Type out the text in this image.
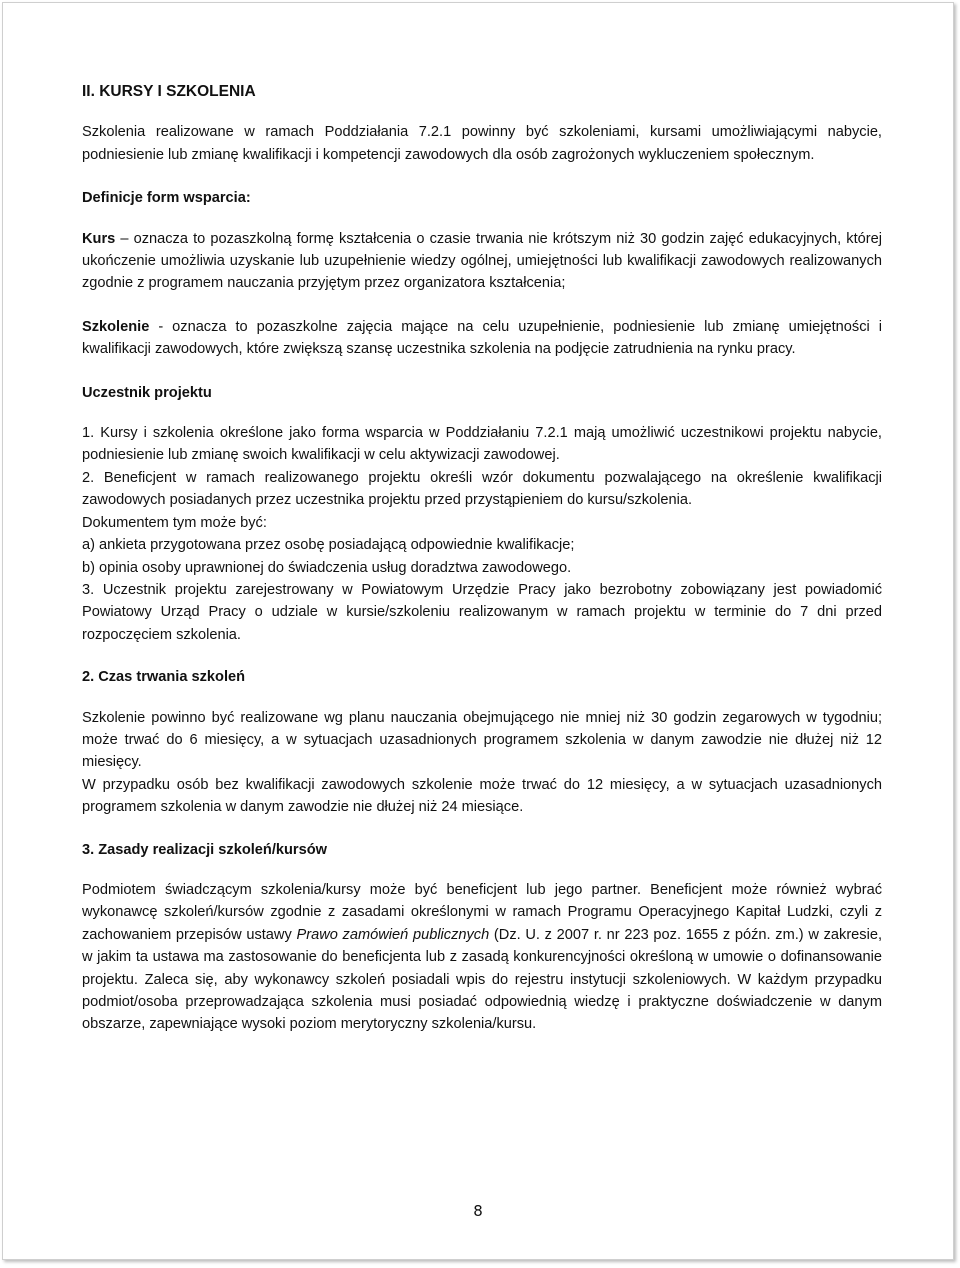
II. KURSY I SZKOLENIA

Szkolenia realizowane w ramach Poddziałania 7.2.1 powinny być szkoleniami, kursami umożliwiającymi nabycie, podniesienie lub zmianę kwalifikacji i kompetencji zawodowych dla osób zagrożonych wykluczeniem społecznym.

Definicje form wsparcia:

Kurs – oznacza to pozaszkolną formę kształcenia o czasie trwania nie krótszym niż 30 godzin zajęć edukacyjnych, której ukończenie umożliwia uzyskanie lub uzupełnienie wiedzy ogólnej, umiejętności lub kwalifikacji zawodowych realizowanych zgodnie z programem nauczania przyjętym przez organizatora kształcenia;

Szkolenie - oznacza to pozaszkolne zajęcia mające na celu uzupełnienie, podniesienie lub zmianę umiejętności i kwalifikacji zawodowych, które zwiększą szansę uczestnika szkolenia na podjęcie zatrudnienia na rynku pracy.

Uczestnik projektu

1. Kursy i szkolenia określone jako forma wsparcia w Poddziałaniu 7.2.1 mają umożliwić uczestnikowi projektu nabycie, podniesienie lub zmianę swoich kwalifikacji w celu aktywizacji zawodowej.

2. Beneficjent w ramach realizowanego projektu określi wzór dokumentu pozwalającego na określenie kwalifikacji zawodowych posiadanych przez uczestnika projektu przed przystąpieniem do kursu/szkolenia.

Dokumentem tym może być:

a) ankieta przygotowana przez osobę posiadającą odpowiednie kwalifikacje;

b) opinia osoby uprawnionej do świadczenia usług doradztwa zawodowego.

3. Uczestnik projektu zarejestrowany w Powiatowym Urzędzie Pracy jako bezrobotny zobowiązany jest powiadomić Powiatowy Urząd Pracy o udziale w kursie/szkoleniu realizowanym w ramach projektu w terminie do 7 dni przed rozpoczęciem szkolenia.

2. Czas trwania szkoleń

Szkolenie powinno być realizowane wg planu nauczania obejmującego nie mniej niż 30 godzin zegarowych w tygodniu; może trwać do 6 miesięcy, a w sytuacjach uzasadnionych programem szkolenia w danym zawodzie nie dłużej niż 12 miesięcy.

W przypadku osób bez kwalifikacji zawodowych szkolenie może trwać do 12 miesięcy, a w sytuacjach uzasadnionych programem szkolenia w danym zawodzie nie dłużej niż 24 miesiące.

3. Zasady realizacji szkoleń/kursów

Podmiotem świadczącym szkolenia/kursy może być beneficjent lub jego partner. Beneficjent może również wybrać wykonawcę szkoleń/kursów zgodnie z zasadami określonymi w ramach Programu Operacyjnego Kapitał Ludzki, czyli z zachowaniem przepisów ustawy Prawo zamówień publicznych (Dz. U. z 2007 r. nr 223 poz. 1655 z późn. zm.) w zakresie, w jakim ta ustawa ma zastosowanie do beneficjenta lub z zasadą konkurencyjności określoną w umowie o dofinansowanie projektu. Zaleca się, aby wykonawcy szkoleń posiadali wpis do rejestru instytucji szkoleniowych. W każdym przypadku podmiot/osoba przeprowadzająca szkolenia musi posiadać odpowiednią wiedzę i praktyczne doświadczenie w danym obszarze, zapewniające wysoki poziom merytoryczny szkolenia/kursu.

8
